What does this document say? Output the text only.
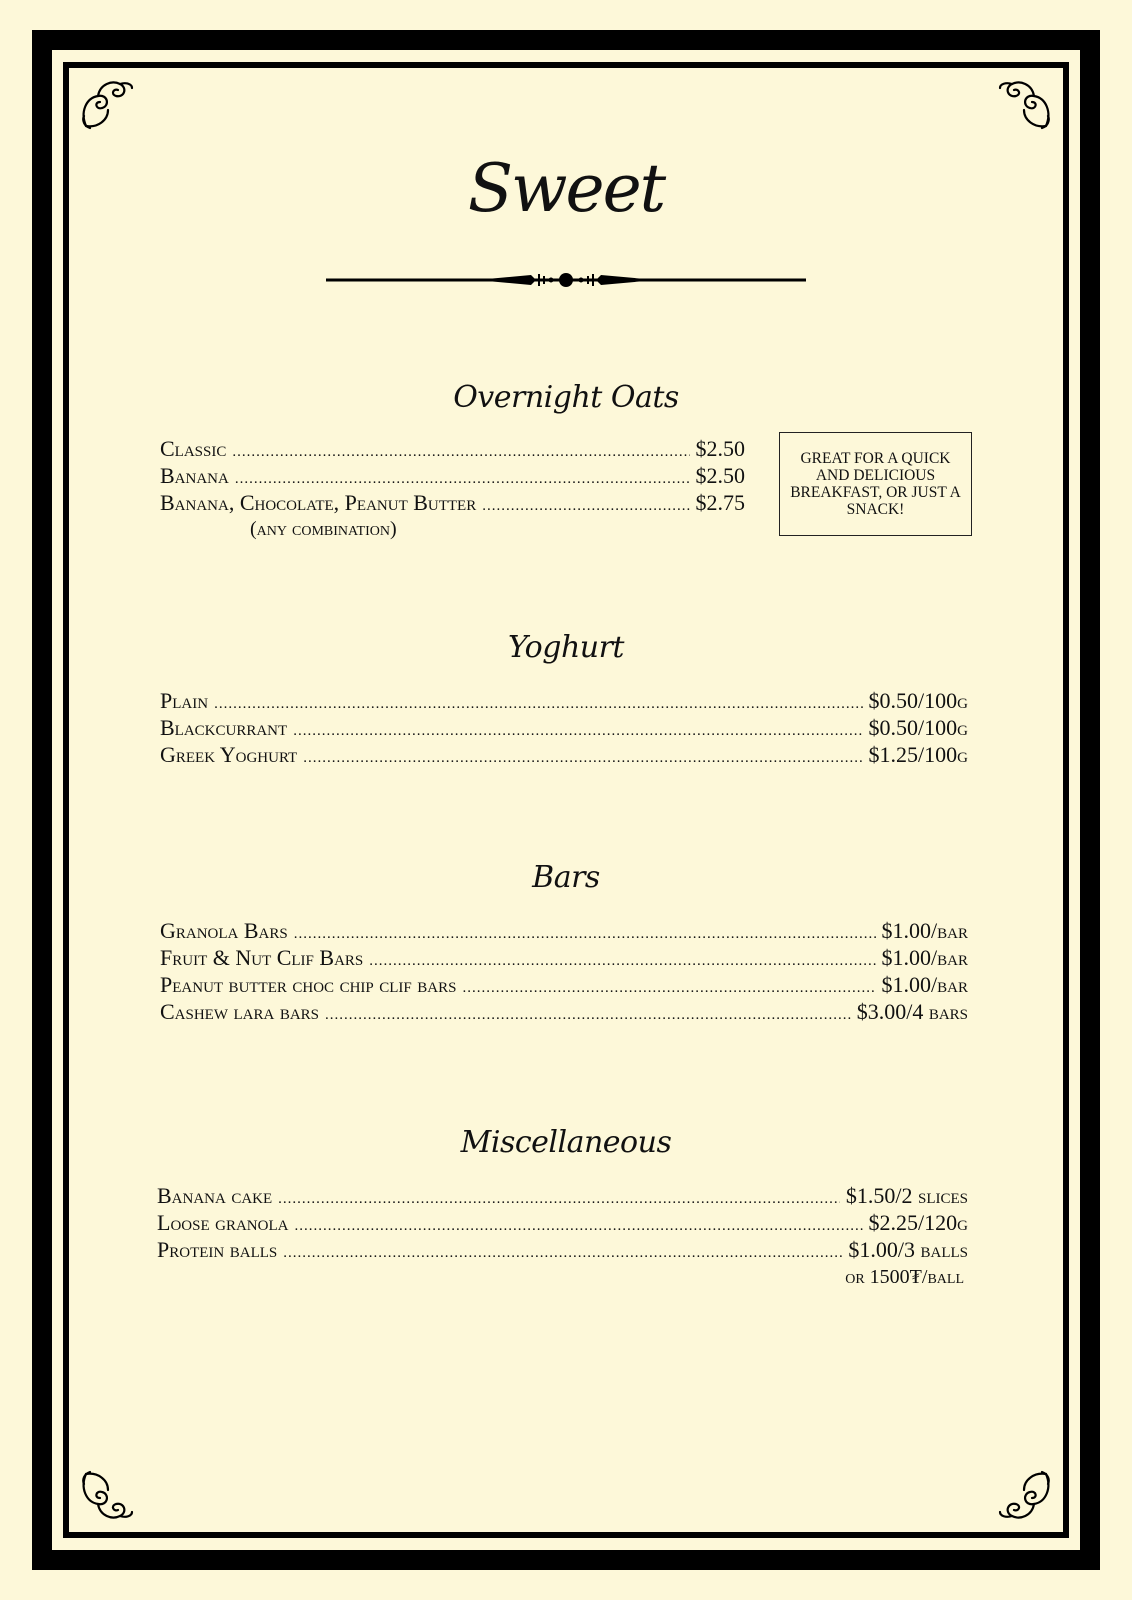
Sweet
Overnight Oats
Classic .....	$2.50
Banana .....	$2.50
Banana, Chocolate, Peanut Butter .....	$2.75
(any combination)
GREAT FOR A QUICK AND DELICIOUS BREAKFAST, OR JUST A SNACK!
Yoghurt
Plain .....	$0.50/100g
Blackcurrant .....	$0.50/100g
Greek Yoghurt .....	$1.25/100g
Bars
Granola Bars .....	$1.00/bar
Fruit & Nut Clif Bars .....	$1.00/bar
Peanut butter choc chip clif bars .....	$1.00/bar
Cashew lara bars .....	$3.00/4 bars
Miscellaneous
Banana cake .....	$1.50/2 slices
Loose granola .....	$2.25/120g
Protein balls .....	$1.00/3 balls
or 1500₮/ball
